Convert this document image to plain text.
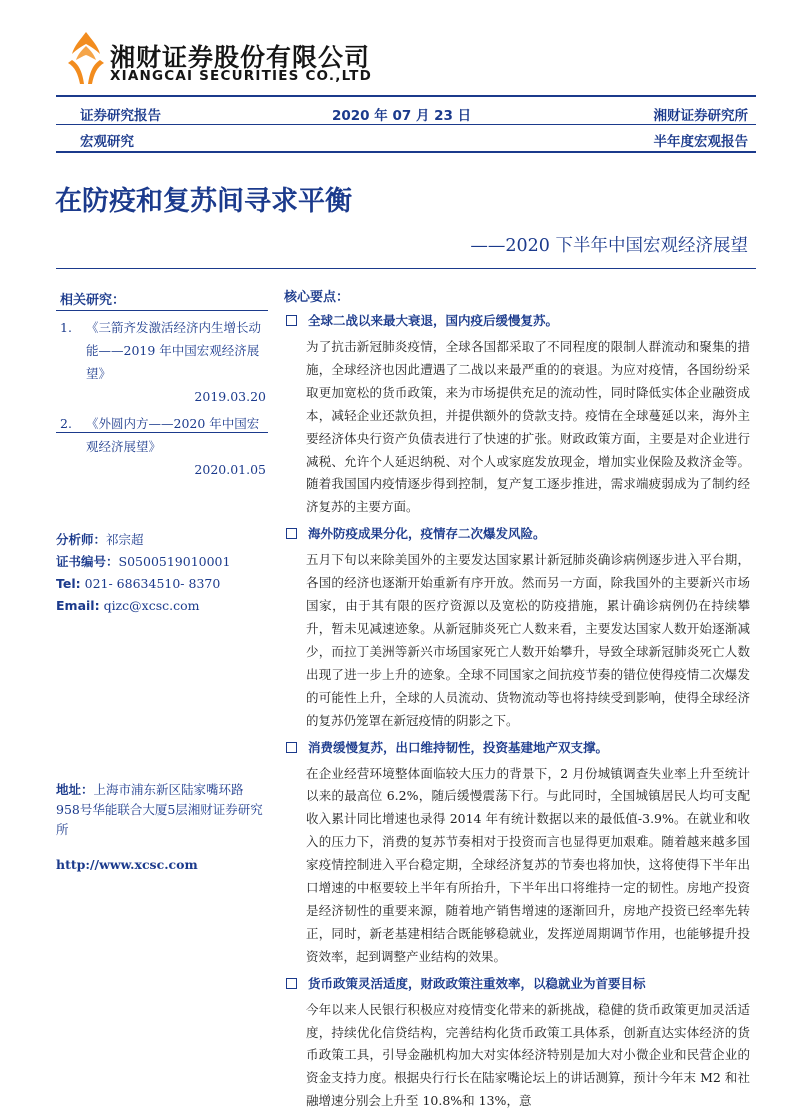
湘财证券股份有限公司
XIANGCAI SECURITIES CO.,LTD
证券研究报告	2020 年 07 月 23 日	湘财证券研究所
宏观研究	半年度宏观报告
在防疫和复苏间寻求平衡
——2020 下半年中国宏观经济展望
相关研究：
1. 《三箭齐发激活经济内生增长动能——2019 年中国宏观经济展望》
2019.03.20
2. 《外圆内方——2020 年中国宏观经济展望》
2020.01.05
分析师：祁宗超
证书编号：S0500519010001
Tel: 021- 68634510- 8370
Email: qizc@xcsc.com
地址：上海市浦东新区陆家嘴环路958号华能联合大厦5层湘财证券研究所
http://www.xcsc.com
核心要点：
全球二战以来最大衰退，国内疫后缓慢复苏。
为了抗击新冠肺炎疫情，全球各国都采取了不同程度的限制人群流动和聚集的措施，全球经济也因此遭遇了二战以来最严重的的衰退。为应对疫情，各国纷纷采取更加宽松的货币政策，来为市场提供充足的流动性，同时降低实体企业融资成本，减轻企业还款负担，并提供额外的贷款支持。疫情在全球蔓延以来，海外主要经济体央行资产负债表进行了快速的扩张。财政政策方面，主要是对企业进行减税、允许个人延迟纳税、对个人或家庭发放现金，增加实业保险及救济金等。随着我国国内疫情逐步得到控制，复产复工逐步推进，需求端疲弱成为了制约经济复苏的主要方面。
海外防疫成果分化，疫情存二次爆发风险。
五月下旬以来除美国外的主要发达国家累计新冠肺炎确诊病例逐步进入平台期，各国的经济也逐渐开始重新有序开放。然而另一方面，除我国外的主要新兴市场国家，由于其有限的医疗资源以及宽松的防疫措施，累计确诊病例仍在持续攀升，暂未见减速迹象。从新冠肺炎死亡人数来看，主要发达国家人数开始逐渐减少，而拉丁美洲等新兴市场国家死亡人数开始攀升，导致全球新冠肺炎死亡人数出现了进一步上升的迹象。全球不同国家之间抗疫节奏的错位使得疫情二次爆发的可能性上升，全球的人员流动、货物流动等也将持续受到影响，使得全球经济的复苏仍笼罩在新冠疫情的阴影之下。
消费缓慢复苏，出口维持韧性，投资基建地产双支撑。
在企业经营环境整体面临较大压力的背景下，2 月份城镇调查失业率上升至统计以来的最高位 6.2%，随后缓慢震荡下行。与此同时，全国城镇居民人均可支配收入累计同比增速也录得 2014 年有统计数据以来的最低值-3.9%。在就业和收入的压力下，消费的复苏节奏相对于投资而言也显得更加艰难。随着越来越多国家疫情控制进入平台稳定期，全球经济复苏的节奏也将加快，这将使得下半年出口增速的中枢要较上半年有所抬升，下半年出口将维持一定的韧性。房地产投资是经济韧性的重要来源，随着地产销售增速的逐渐回升，房地产投资已经率先转正，同时，新老基建相结合既能够稳就业，发挥逆周期调节作用，也能够提升投资效率，起到调整产业结构的效果。
货币政策灵活适度，财政政策注重效率，以稳就业为首要目标
今年以来人民银行积极应对疫情变化带来的新挑战，稳健的货币政策更加灵活适度，持续优化信贷结构，完善结构化货币政策工具体系，创新直达实体经济的货币政策工具，引导金融机构加大对实体经济特别是加大对小微企业和民营企业的资金支持力度。根据央行行长在陆家嘴论坛上的讲话测算，预计今年末 M2 和社融增速分别会上升至 10.8%和 13%，意
